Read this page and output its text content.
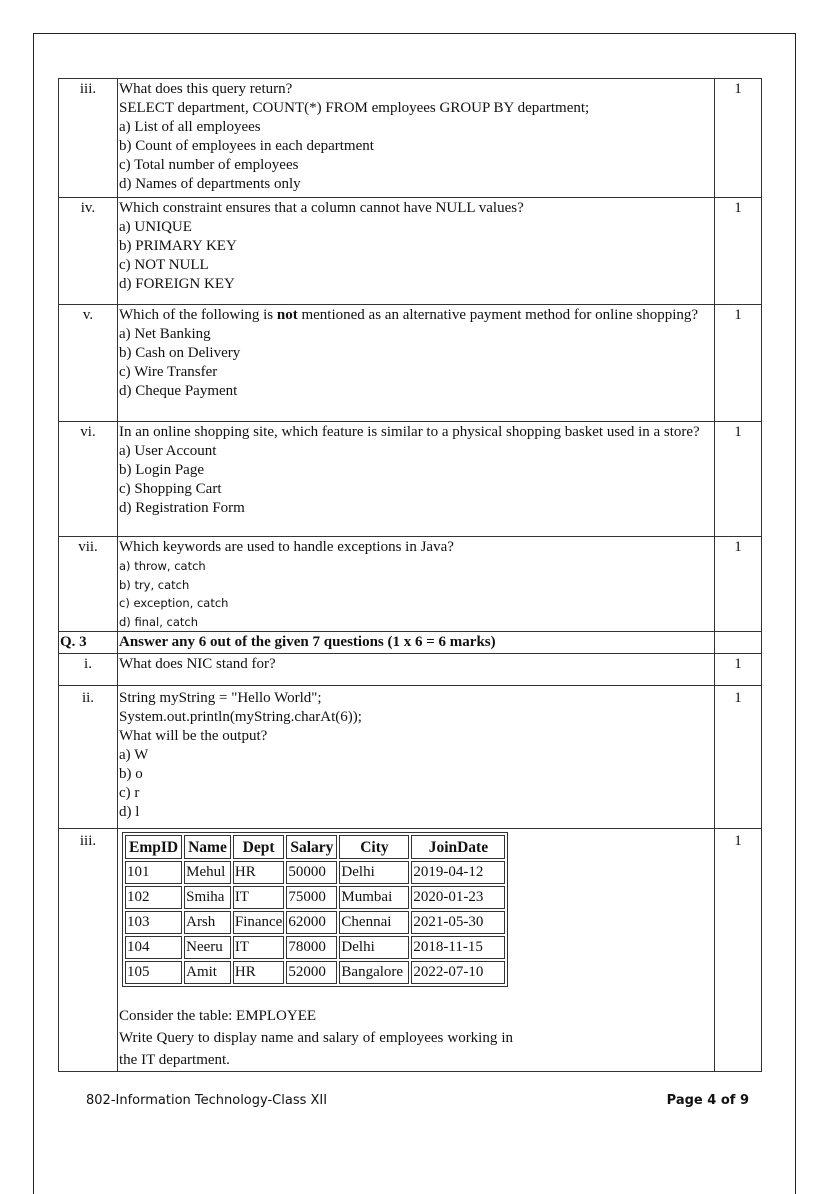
iii.	What does this query return?
SELECT department, COUNT(*) FROM employees GROUP BY department;
a) List of all employees
b) Count of employees in each department
c) Total number of employees
d) Names of departments only
	1
iv.	Which constraint ensures that a column cannot have NULL values?
a) UNIQUE
b) PRIMARY KEY
c) NOT NULL
d) FOREIGN KEY
	1
v.	Which of the following is not mentioned as an alternative payment method for online shopping?
a) Net Banking
b) Cash on Delivery
c) Wire Transfer
d) Cheque Payment
	1
vi.	In an online shopping site, which feature is similar to a physical shopping basket used in a store?
a) User Account
b) Login Page
c) Shopping Cart
d) Registration Form
	1
vii.	Which keywords are used to handle exceptions in Java?
a) throw, catch
b) try, catch
c) exception, catch
d) final, catch
	1
Q. 3	Answer any 6 out of the given 7 questions (1 x 6 = 6 marks)	
i.	What does NIC stand for?	1
ii.	String myString = "Hello World";
System.out.println(myString.charAt(6));
What will be the output?
a) W
b) o
c) r
d) l
	1
iii.	EmpID	Name	Dept	Salary	City	JoinDate
101	Mehul	HR	50000	Delhi	2019-04-12
102	Smiha	IT	75000	Mumbai	2020-01-23
103	Arsh	Finance	62000	Chennai	2021-05-30
104	Neeru	IT	78000	Delhi	2018-11-15
105	Amit	HR	52000	Bangalore	2022-07-10
Consider the table: EMPLOYEE
Write Query to display name and salary of employees working in the IT department.
	1
802-Information Technology-Class XII	Page 4 of 9
